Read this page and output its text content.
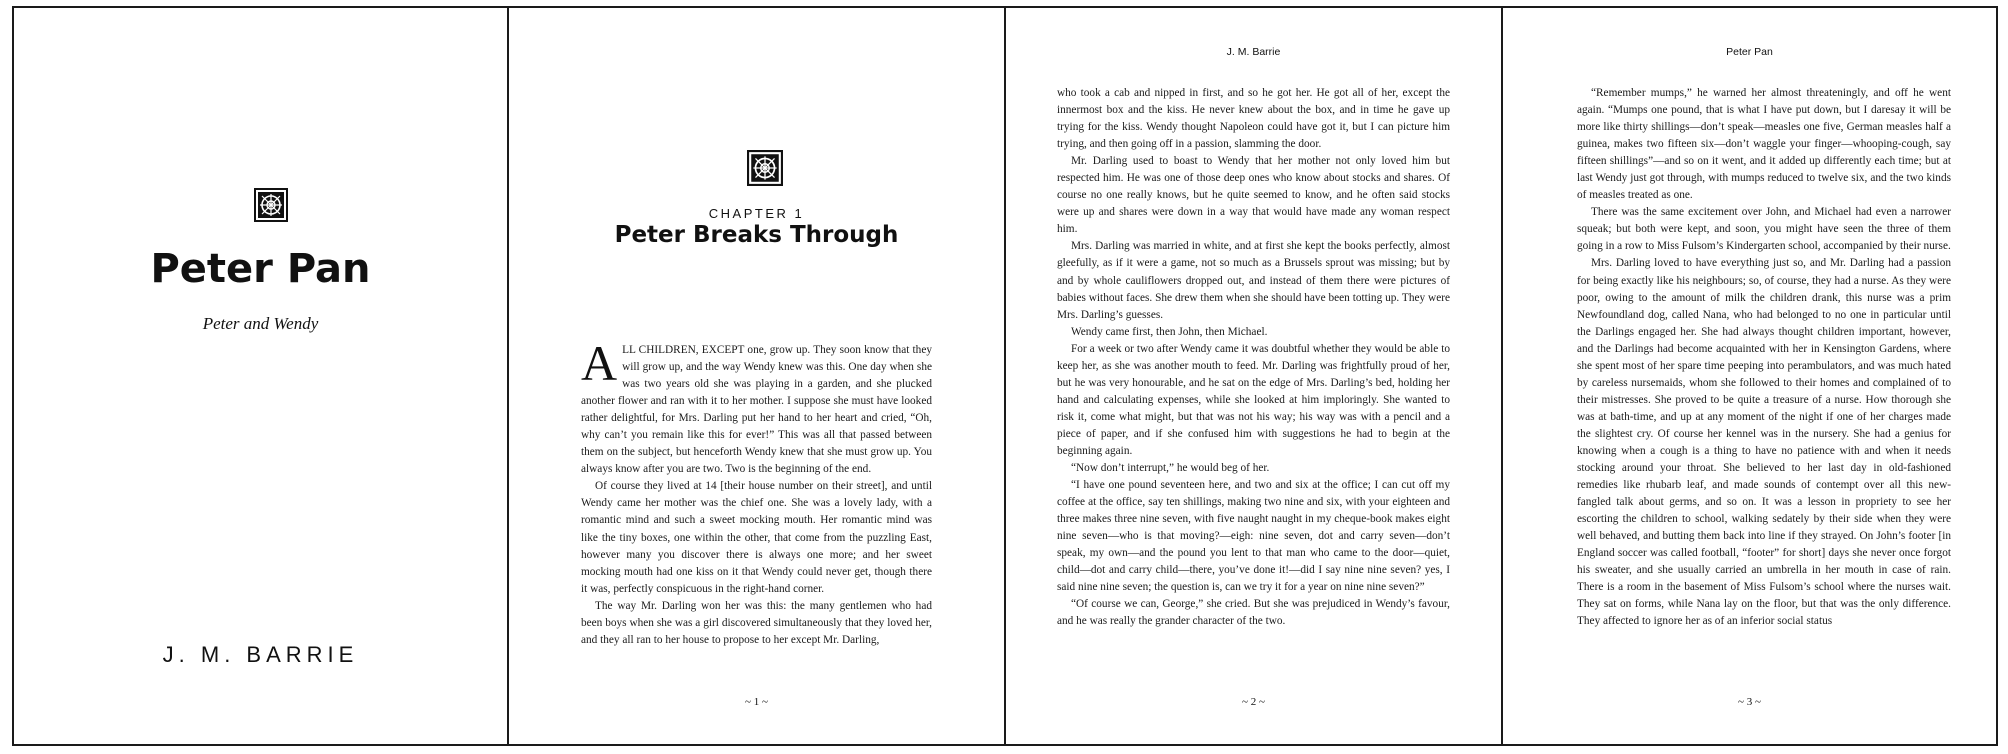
Peter Pan
Peter and Wendy
J. M. BARRIE
CHAPTER 1
Peter Breaks Through

ALL CHILDREN, EXCEPT one, grow up. They soon know that they will grow up, and the way Wendy knew was this. One day when she was two years old she was playing in a garden, and she plucked another flower and ran with it to her mother. I suppose she must have looked rather delightful, for Mrs. Darling put her hand to her heart and cried, “Oh, why can’t you remain like this for ever!” This was all that passed between them on the subject, but henceforth Wendy knew that she must grow up. You always know after you are two. Two is the beginning of the end.

Of course they lived at 14 [their house number on their street], and until Wendy came her mother was the chief one. She was a lovely lady, with a romantic mind and such a sweet mocking mouth. Her romantic mind was like the tiny boxes, one within the other, that come from the puzzling East, however many you discover there is always one more; and her sweet mocking mouth had one kiss on it that Wendy could never get, though there it was, perfectly conspicuous in the right-hand corner.

The way Mr. Darling won her was this: the many gentlemen who had been boys when she was a girl discovered simultaneously that they loved her, and they all ran to her house to propose to her except Mr. Darling,

~ 1 ~
J. M. Barrie

who took a cab and nipped in first, and so he got her. He got all of her, except the innermost box and the kiss. He never knew about the box, and in time he gave up trying for the kiss. Wendy thought Napoleon could have got it, but I can picture him trying, and then going off in a passion, slamming the door.

Mr. Darling used to boast to Wendy that her mother not only loved him but respected him. He was one of those deep ones who know about stocks and shares. Of course no one really knows, but he quite seemed to know, and he often said stocks were up and shares were down in a way that would have made any woman respect him.

Mrs. Darling was married in white, and at first she kept the books perfectly, almost gleefully, as if it were a game, not so much as a Brussels sprout was missing; but by and by whole cauliflowers dropped out, and instead of them there were pictures of babies without faces. She drew them when she should have been totting up. They were Mrs. Darling’s guesses.

Wendy came first, then John, then Michael.

For a week or two after Wendy came it was doubtful whether they would be able to keep her, as she was another mouth to feed. Mr. Darling was frightfully proud of her, but he was very honourable, and he sat on the edge of Mrs. Darling’s bed, holding her hand and calculating expenses, while she looked at him imploringly. She wanted to risk it, come what might, but that was not his way; his way was with a pencil and a piece of paper, and if she confused him with suggestions he had to begin at the beginning again.

“Now don’t interrupt,” he would beg of her.

“I have one pound seventeen here, and two and six at the office; I can cut off my coffee at the office, say ten shillings, making two nine and six, with your eighteen and three makes three nine seven, with five naught naught in my cheque-book makes eight nine seven—who is that moving?—eigh: nine seven, dot and carry seven—don’t speak, my own—and the pound you lent to that man who came to the door—quiet, child—dot and carry child—there, you’ve done it!—did I say nine nine seven? yes, I said nine nine seven; the question is, can we try it for a year on nine nine seven?”

“Of course we can, George,” she cried. But she was prejudiced in Wendy’s favour, and he was really the grander character of the two.

~ 2 ~
Peter Pan

“Remember mumps,” he warned her almost threateningly, and off he went again. “Mumps one pound, that is what I have put down, but I daresay it will be more like thirty shillings—don’t speak—measles one five, German measles half a guinea, makes two fifteen six—don’t waggle your finger—whooping-cough, say fifteen shillings”—and so on it went, and it added up differently each time; but at last Wendy just got through, with mumps reduced to twelve six, and the two kinds of measles treated as one.

There was the same excitement over John, and Michael had even a narrower squeak; but both were kept, and soon, you might have seen the three of them going in a row to Miss Fulsom’s Kindergarten school, accompanied by their nurse.

Mrs. Darling loved to have everything just so, and Mr. Darling had a passion for being exactly like his neighbours; so, of course, they had a nurse. As they were poor, owing to the amount of milk the children drank, this nurse was a prim Newfoundland dog, called Nana, who had belonged to no one in particular until the Darlings engaged her. She had always thought children important, however, and the Darlings had become acquainted with her in Kensington Gardens, where she spent most of her spare time peeping into perambulators, and was much hated by careless nursemaids, whom she followed to their homes and complained of to their mistresses. She proved to be quite a treasure of a nurse. How thorough she was at bath-time, and up at any moment of the night if one of her charges made the slightest cry. Of course her kennel was in the nursery. She had a genius for knowing when a cough is a thing to have no patience with and when it needs stocking around your throat. She believed to her last day in old-fashioned remedies like rhubarb leaf, and made sounds of contempt over all this new-fangled talk about germs, and so on. It was a lesson in propriety to see her escorting the children to school, walking sedately by their side when they were well behaved, and butting them back into line if they strayed. On John’s footer [in England soccer was called football, “footer” for short] days she never once forgot his sweater, and she usually carried an umbrella in her mouth in case of rain. There is a room in the basement of Miss Fulsom’s school where the nurses wait. They sat on forms, while Nana lay on the floor, but that was the only difference. They affected to ignore her as of an inferior social status

~ 3 ~
